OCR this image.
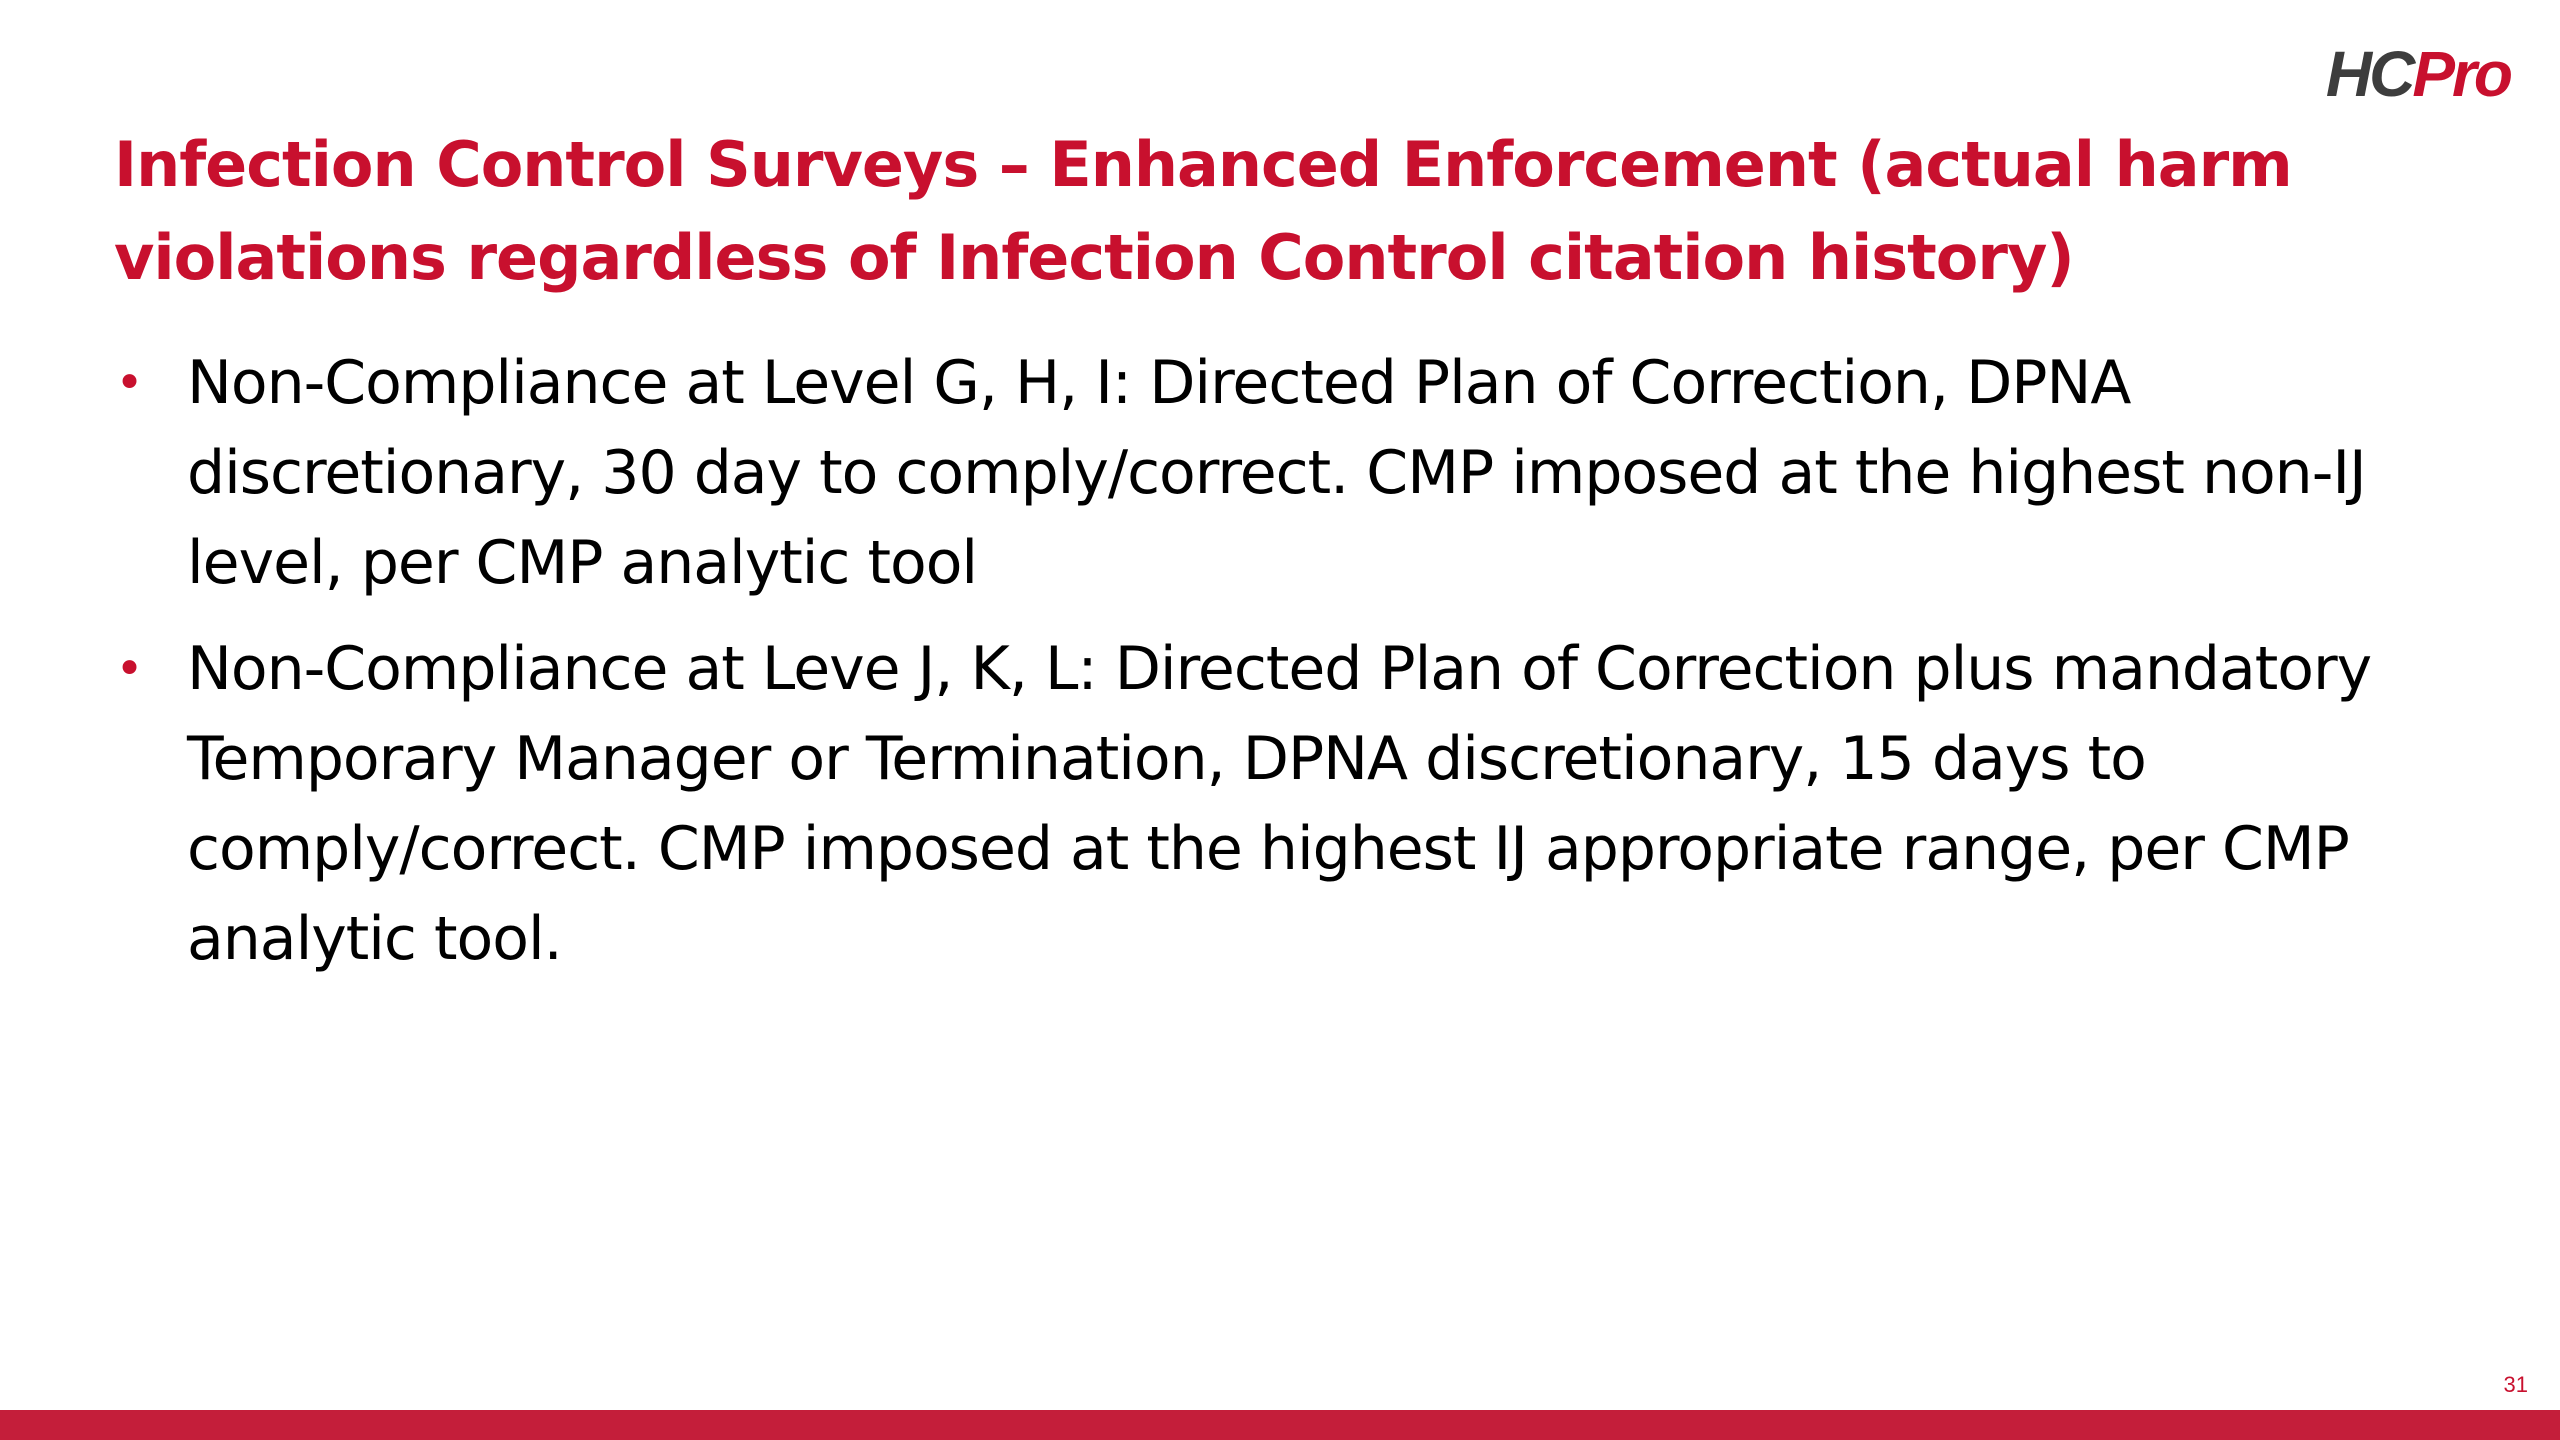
HCPro
Infection Control Surveys – Enhanced Enforcement (actual harm violations regardless of Infection Control citation history)
• Non-Compliance at Level G, H, I: Directed Plan of Correction, DPNA discretionary, 30 day to comply/correct. CMP imposed at the highest non-IJ level, per CMP analytic tool
• Non-Compliance at Leve J, K, L: Directed Plan of Correction plus mandatory Temporary Manager or Termination, DPNA discretionary, 15 days to comply/correct. CMP imposed at the highest IJ appropriate range, per CMP analytic tool.
31
